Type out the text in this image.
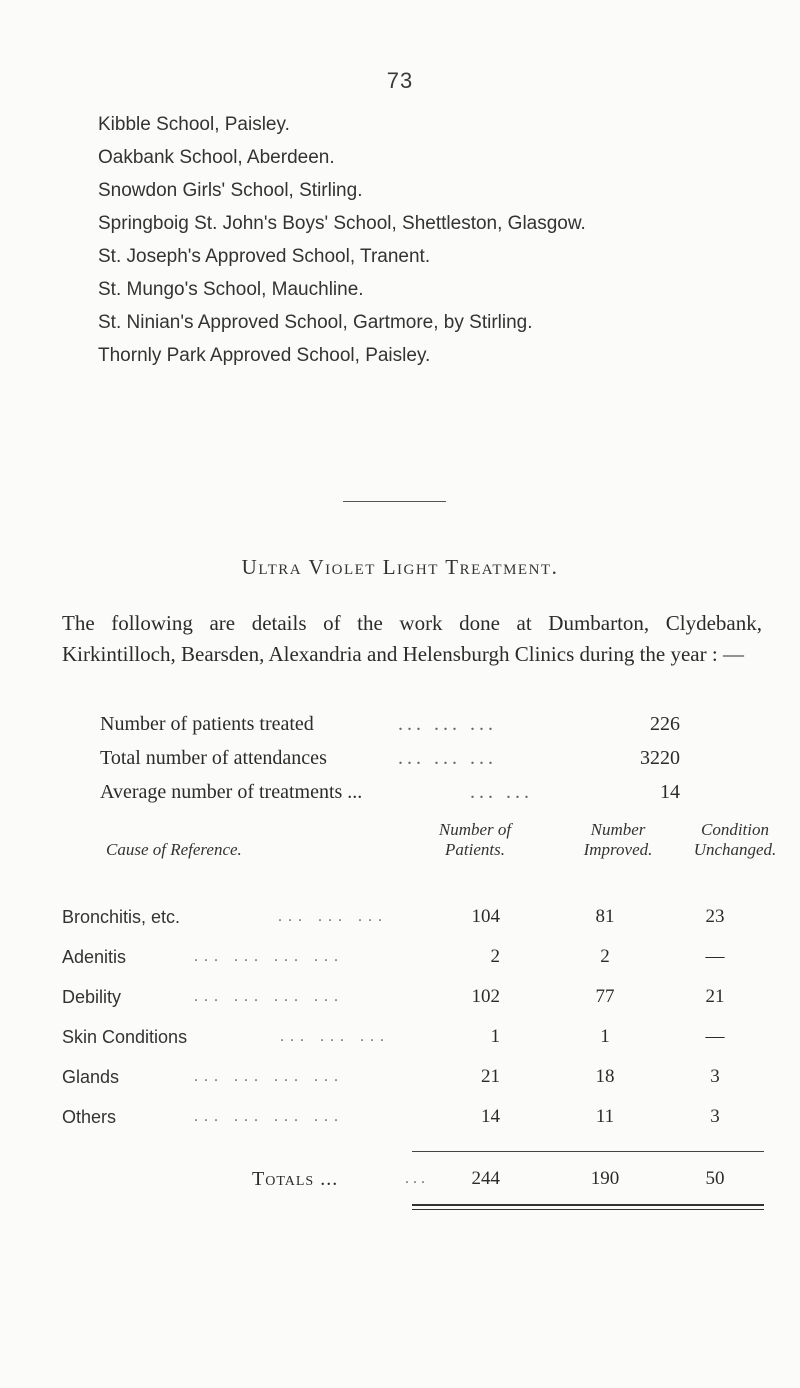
73
Kibble School, Paisley.
Oakbank School, Aberdeen.
Snowdon Girls' School, Stirling.
Springboig St. John's Boys' School, Shettleston, Glasgow.
St. Joseph's Approved School, Tranent.
St. Mungo's School, Mauchline.
St. Ninian's Approved School, Gartmore, by Stirling.
Thornly Park Approved School, Paisley.
Ultra Violet Light Treatment.

The following are details of the work done at Dumbarton, Clydebank, Kirkintilloch, Bearsden, Alexandria and Helensburgh Clinics during the year : —

Number of patients treated	... ... ...	226
Total number of attendances	... ... ...	3220
Average number of treatments ...	... ...	14
Cause of Reference.
Number of
Patients.
Number
Improved.
Condition
Unchanged.
Bronchitis, etc.	... ... ...	104	81	23
Adenitis	... ... ... ...	2	2	—
Debility	... ... ... ...	102	77	21
Skin Conditions	... ... ...	1	1	—
Glands	... ... ... ...	21	18	3
Others	... ... ... ...	14	11	3
Totals ...	...	244	190	50
